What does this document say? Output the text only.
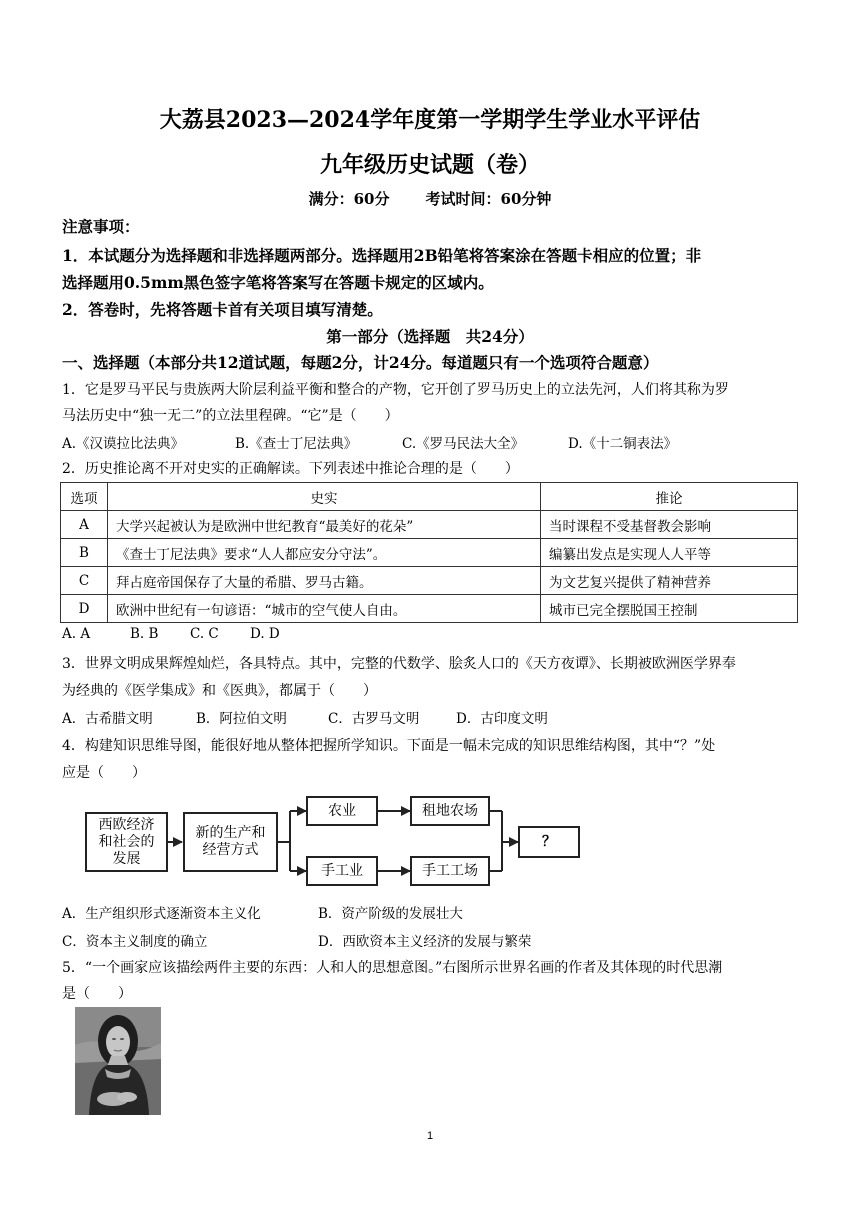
大荔县2023—2024学年度第一学期学生学业水平评估
九年级历史试题（卷）
满分：60分 考试时间：60分钟
注意事项：
1．本试题分为选择题和非选择题两部分。选择题用2B铅笔将答案涂在答题卡相应的位置；非
选择题用0.5mm黑色签字笔将答案写在答题卡规定的区域内。
2．答卷时，先将答题卡首有关项目填写清楚。
第一部分（选择题　共24分）
一、选择题（本部分共12道试题，每题2分，计24分。每道题只有一个选项符合题意）
1．它是罗马平民与贵族两大阶层利益平衡和整合的产物，它开创了罗马历史上的立法先河，人们将其称为罗
马法历史中“独一无二”的立法里程碑。“它”是（　　）
A.《汉谟拉比法典》	B.《查士丁尼法典》	C.《罗马民法大全》	D.《十二铜表法》
2．历史推论离不开对史实的正确解读。下列表述中推论合理的是（　　）
选项	史实	推论
A	大学兴起被认为是欧洲中世纪教育“最美好的花朵”	当时课程不受基督教会影响
B	《查士丁尼法典》要求“人人都应安分守法”。	编纂出发点是实现人人平等
C	拜占庭帝国保存了大量的希腊、罗马古籍。	为文艺复兴提供了精神营养
D	欧洲中世纪有一句谚语：“城市的空气使人自由。	城市已完全摆脱国王控制
A. A	B. B C. C D. D
3．世界文明成果辉煌灿烂，各具特点。其中，完整的代数学、脍炙人口的《天方夜谭》、长期被欧洲医学界奉
为经典的《医学集成》和《医典》，都属于（　　）
A．古希腊文明	B．阿拉伯文明	C．古罗马文明	D．古印度文明
4．构建知识思维导图，能很好地从整体把握所学知识。下面是一幅未完成的知识思维结构图，其中“？”处
应是（　　）
西欧经济和社会的发展
新的生产和经营方式
农业	租地农场
手工业	手工工场
？
A．生产组织形式逐渐资本主义化	B．资产阶级的发展壮大
C．资本主义制度的确立	D．西欧资本主义经济的发展与繁荣
5．“一个画家应该描绘两件主要的东西：人和人的思想意图。”右图所示世界名画的作者及其体现的时代思潮
是（　　）
1
